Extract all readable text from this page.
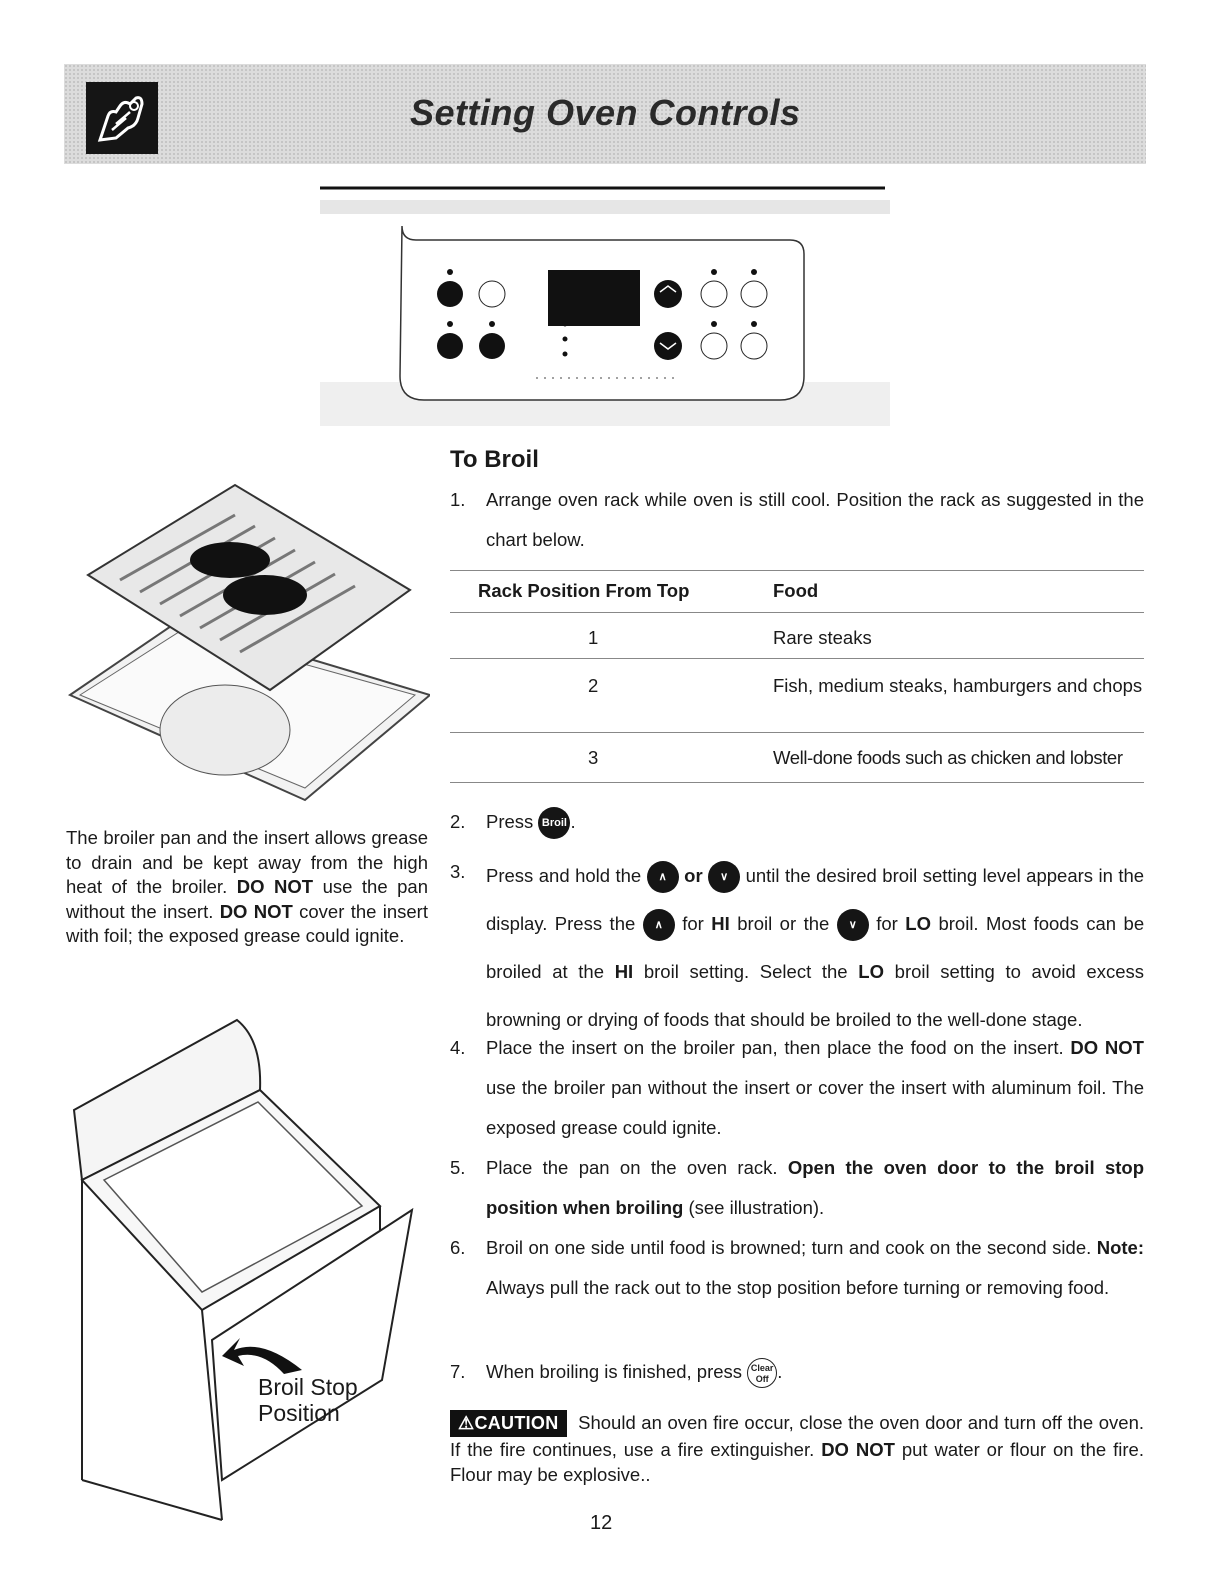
Setting Oven Controls
The broiler pan and the insert allows grease to drain and be kept away from the high heat of the broiler. DO NOT use the pan without the insert. DO NOT cover the insert with foil; the exposed grease could ignite.
Broil Stop
Position
To Broil
1.	Arrange oven rack while oven is still cool. Position the rack as suggested in the chart below.
Rack Position From Top	Food
1	Rare steaks
2	Fish, medium steaks, hamburgers and chops
3	Well-done foods such as chicken and lobster
2.	Press Broil .
3.	Press and hold the ∧ or ∨ until the desired broil setting level appears in the display. Press the ∧ for HI broil or the ∨ for LO broil. Most foods can be broiled at the HI broil setting. Select the LO broil setting to avoid excess browning or drying of foods that should be broiled to the well-done stage.
4.	Place the insert on the broiler pan, then place the food on the insert. DO NOT use the broiler pan without the insert or cover the insert with aluminum foil. The exposed grease could ignite.
5.	Place the pan on the oven rack. Open the oven door to the broil stop position when broiling (see illustration).
6.	Broil on one side until food is browned; turn and cook on the second side. Note: Always pull the rack out to the stop position before turning or removing food.
7.	When broiling is finished, press Clear
Off .
⚠CAUTION Should an oven fire occur, close the oven door and turn off the oven. If the fire continues, use a fire extinguisher. DO NOT put water or flour on the fire. Flour may be explosive..
12
